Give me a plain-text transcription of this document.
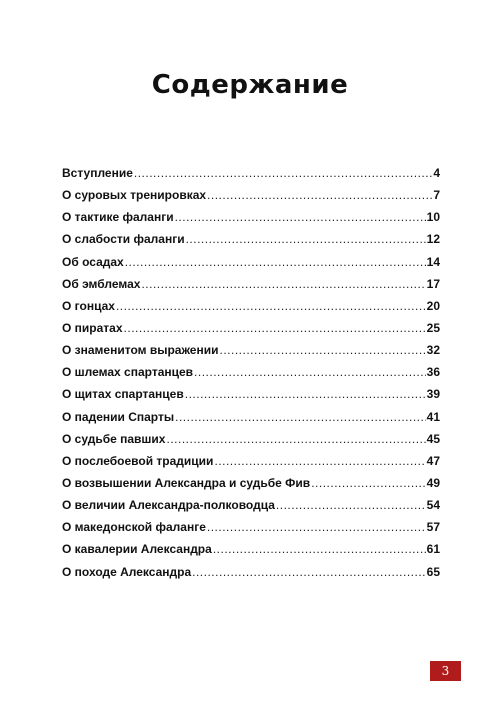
Содержание
Вступление .....	4
О суровых тренировках .....	7
О тактике фаланги .....	10
О слабости фаланги .....	12
Об осадах .....	14
Об эмблемах .....	17
О гонцах .....	20
О пиратах .....	25
О знаменитом выражении .....	32
О шлемах спартанцев .....	36
О щитах спартанцев .....	39
О падении Спарты .....	41
О судьбе павших .....	45
О послебоевой традиции .....	47
О возвышении Александра и судьбе Фив .....	49
О величии Александра-полководца .....	54
О македонской фаланге .....	57
О кавалерии Александра .....	61
О походе Александра .....	65
3
